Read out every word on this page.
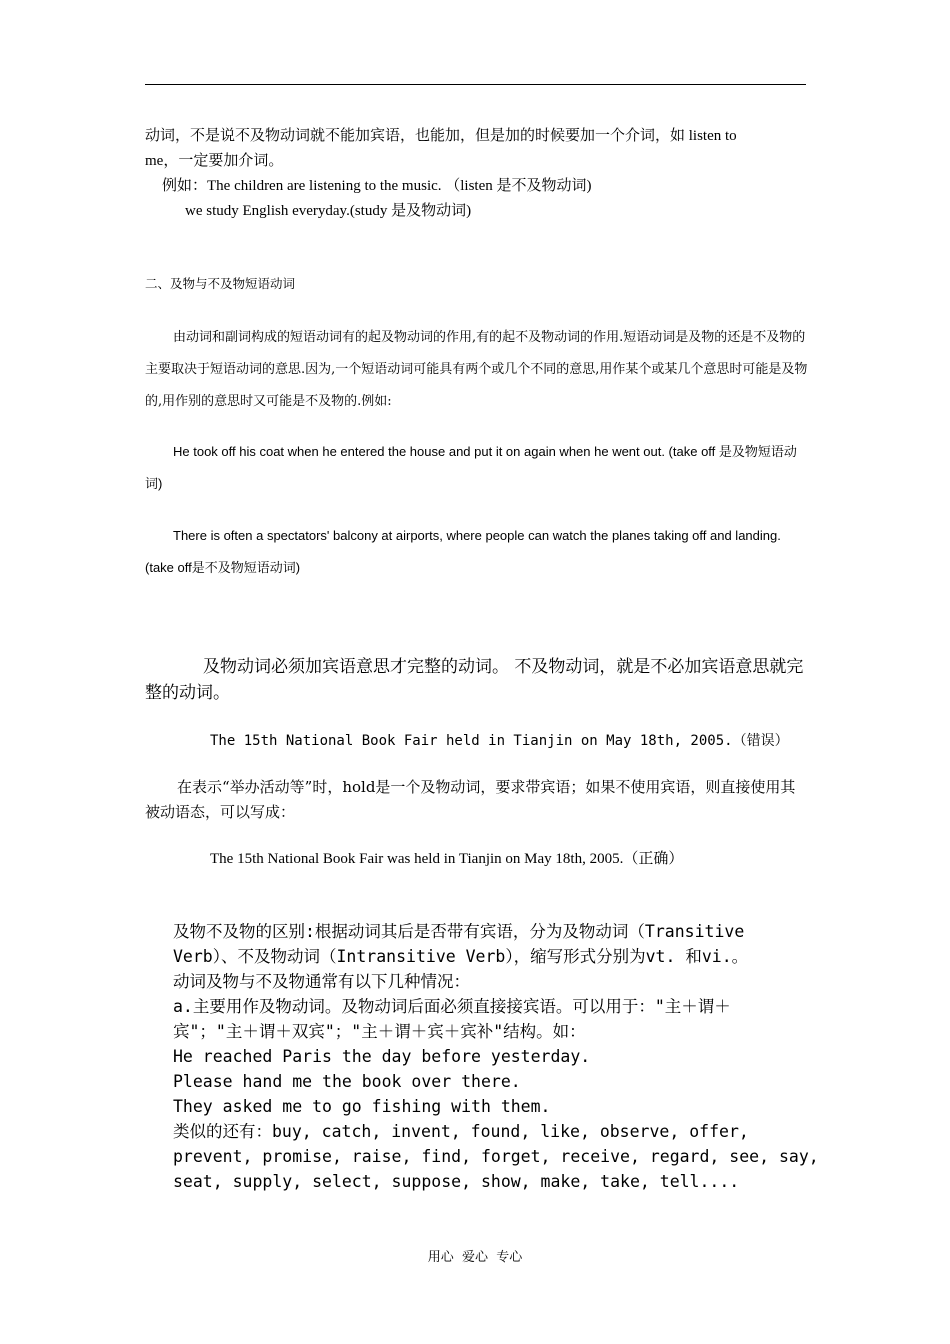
动词，不是说不及物动词就不能加宾语，也能加，但是加的时候要加一个介词，如 listen to
me，一定要加介词。
例如：The children are listening to the music. （listen 是不及物动词)
we study English everyday.(study 是及物动词)
二、及物与不及物短语动词

由动词和副词构成的短语动词有的起及物动词的作用,有的起不及物动词的作用.短语动词是及物的还是不及物的主要取决于短语动词的意思.因为,一个短语动词可能具有两个或几个不同的意思,用作某个或某几个意思时可能是及物的,用作别的意思时又可能是不及物的.例如:

He took off his coat when he entered the house and put it on again when he went out. (take off 是及物短语动词)

There is often a spectators' balcony at airports, where people can watch the planes taking off and landing. (take off是不及物短语动词)

及物动词必须加宾语意思才完整的动词。 不及物动词，就是不必加宾语意思就完整的动词。

The 15th National Book Fair held in Tianjin on May 18th, 2005.（错误）

在表示“举办活动等”时，hold是一个及物动词，要求带宾语；如果不使用宾语，则直接使用其被动语态，可以写成：

The 15th National Book Fair was held in Tianjin on May 18th, 2005.（正确）
及物不及物的区别:根据动词其后是否带有宾语，分为及物动词（Transitive
Verb）、不及物动词（Intransitive Verb），缩写形式分别为vt. 和vi.。
动词及物与不及物通常有以下几种情况：
a.主要用作及物动词。及物动词后面必须直接接宾语。可以用于："主＋谓＋
宾"；"主＋谓＋双宾"；"主＋谓＋宾＋宾补"结构。如：
He reached Paris the day before yesterday.
Please hand me the book over there.
They asked me to go fishing with them.
类似的还有：buy, catch, invent, found, like, observe, offer,
prevent, promise, raise, find, forget, receive, regard, see, say,
seat, supply, select, suppose, show, make, take, tell....
用心  爱心  专心
